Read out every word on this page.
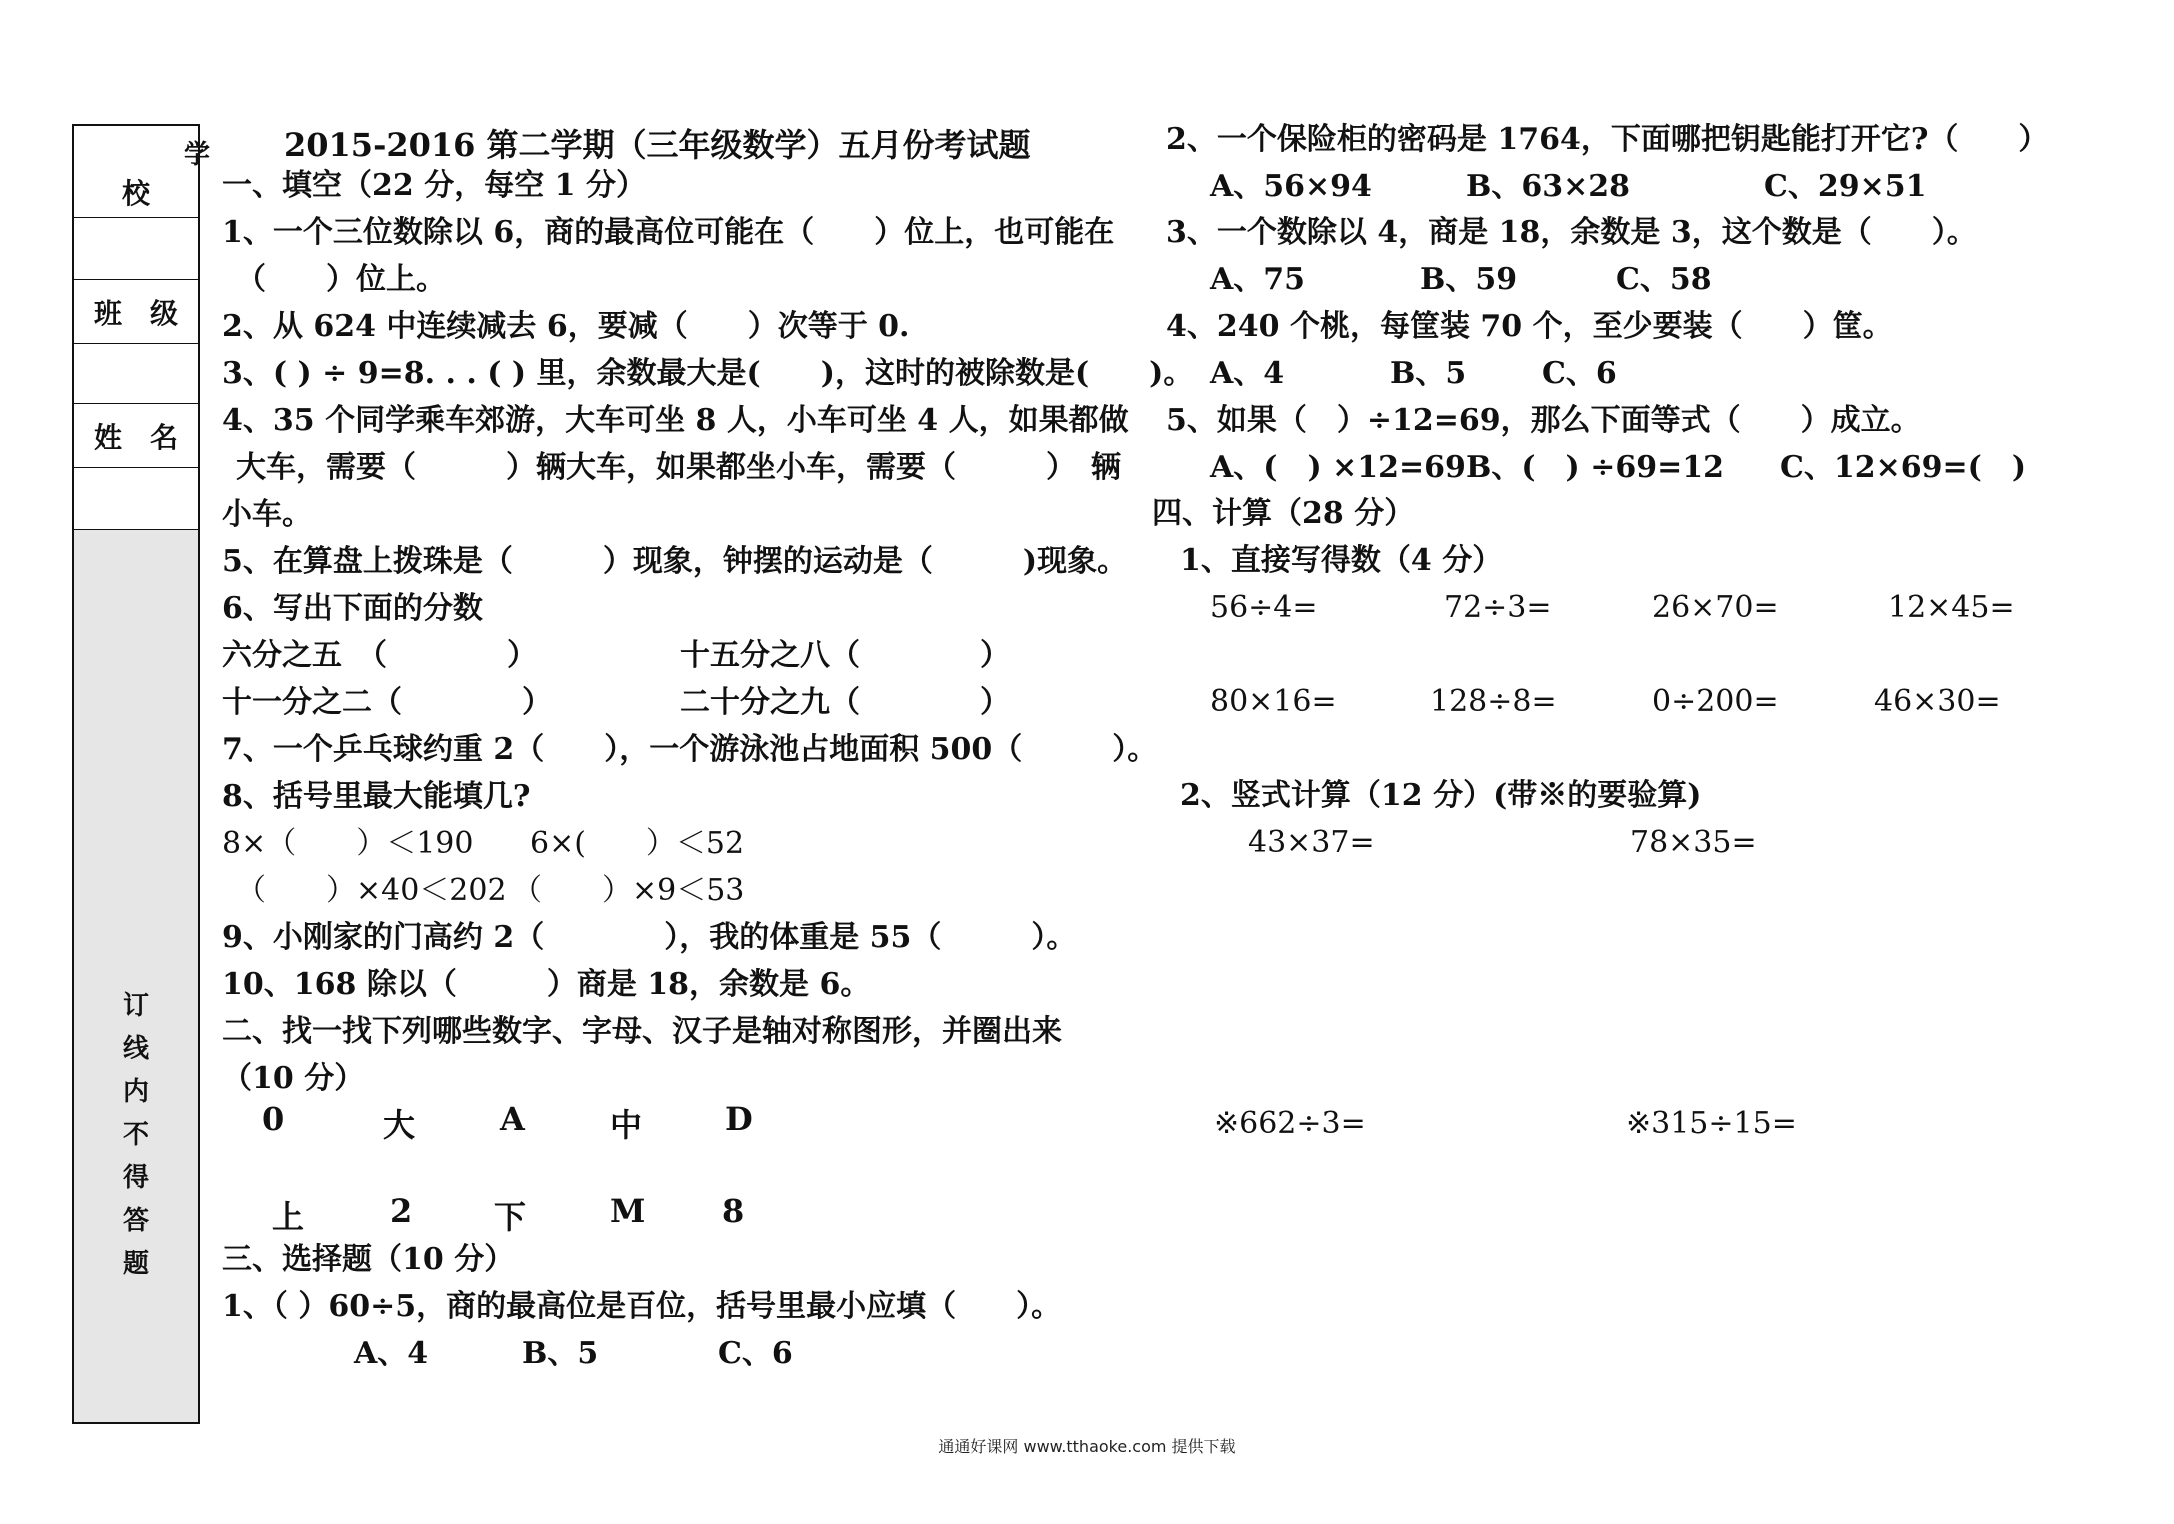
校
学
班　级
姓　名
订
线
内
不
得
答
题
2015-2016 第二学期（三年级数学）五月份考试题
一、填空（22 分，每空 1 分）
1、一个三位数除以 6，商的最高位可能在（　　）位上，也可能在
（　　）位上。
2、从 624 中连续减去 6，要减（　　）次等于 0.
3、( ) ÷ 9=8. . . ( ) 里，余数最大是(　　)，这时的被除数是(　　)。
4、35 个同学乘车郊游，大车可坐 8 人，小车可坐 4 人，如果都做
大车，需要（　　　）辆大车，如果都坐小车，需要（　　　）　辆
小车。
5、在算盘上拨珠是（　　　）现象，钟摆的运动是（　　　)现象。
6、写出下面的分数
六分之五　（　　　　）	十五分之八（　　　　）
十一分之二（　　　　）	二十分之九（　　　　）
7、一个乒乓球约重 2（　　），一个游泳池占地面积 500（　　　）。
8、括号里最大能填几?
8×（　　）＜190 6×(　　）＜52
（　　）×40＜202 （　　）×9＜53
9、小刚家的门高约 2（　　　　），我的体重是 55（　　　）。
10、168 除以（　　　）商是 18，余数是 6。
二、找一找下列哪些数字、字母、汉子是轴对称图形，并圈出来
（10 分）
0	大	A	中	D
上	2	下	M 8
三、选择题（10 分）
1、（ ）60÷5，商的最高位是百位，括号里最小应填（　　）。
A、4	B、5	C、6
2、一个保险柜的密码是 1764，下面哪把钥匙能打开它?（　　）
A、56×94	B、63×28	C、29×51
3、一个数除以 4，商是 18，余数是 3，这个数是（　　）。
A、75	B、59	C、58
4、240 个桃，每筐装 70 个，至少要装（　　）筐。
A、4	B、5	C、6
5、如果（　）÷12=69，那么下面等式（　　）成立。
A、(　) ×12=69 B、(　) ÷69=12 C、12×69=(　)
四、计算（28 分）
1、直接写得数（4 分）
56÷4=	72÷3=	26×70=	12×45=
80×16=	128÷8=	0÷200=	46×30=
2、竖式计算（12 分）(带※的要验算)
43×37=	78×35=
※662÷3=	※315÷15=
通通好课网 www.tthaoke.com 提供下载
